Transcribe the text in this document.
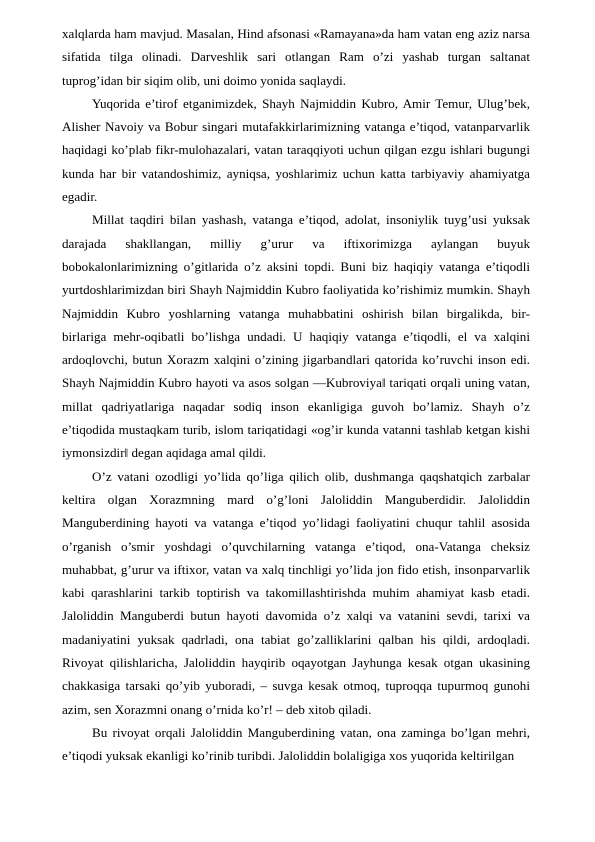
xalqlarda ham mavjud. Masalan, Hind afsonasi «Ramayana»da ham vatan eng aziz narsa sifatida tilga olinadi. Darveshlik sari otlangan Ram o’zi yashab turgan saltanat tuprog’idan bir siqim olib, uni doimo yonida saqlaydi.

Yuqorida e’tirof etganimizdek, Shayh Najmiddin Kubro, Amir Temur, Ulug’bek, Alisher Navoiy va Bobur singari mutafakkirlarimizning vatanga e’tiqod, vatanparvarlik haqidagi ko’plab fikr-mulohazalari, vatan taraqqiyoti uchun qilgan ezgu ishlari bugungi kunda har bir vatandoshimiz, ayniqsa, yoshlarimiz uchun katta tarbiyaviy ahamiyatga egadir.

Millat taqdiri bilan yashash, vatanga e’tiqod, adolat, insoniylik tuyg’usi yuksak darajada shakllangan, milliy g’urur va iftixorimizga aylangan buyuk bobokalonlarimizning o’gitlarida o’z aksini topdi. Buni biz haqiqiy vatanga e’tiqodli yurtdoshlarimizdan biri Shayh Najmiddin Kubro faoliyatida ko’rishimiz mumkin. Shayh Najmiddin Kubro yoshlarning vatanga muhabbatini oshirish bilan birgalikda, bir-birlariga mehr-oqibatli bo’lishga undadi. U haqiqiy vatanga e’tiqodli, el va xalqini ardoqlovchi, butun Xorazm xalqini o’zining jigarbandlari qatorida ko’ruvchi inson edi. Shayh Najmiddin Kubro hayoti va asos solgan ―Kubroviya‖ tariqati orqali uning vatan, millat qadriyatlariga naqadar sodiq inson ekanligiga guvoh bo’lamiz. Shayh o’z e’tiqodida mustaqkam turib, islom tariqatidagi «og’ir kunda vatanni tashlab ketgan kishi iymonsizdir‖ degan aqidaga amal qildi.

O’z vatani ozodligi yo’lida qo’liga qilich olib, dushmanga qaqshatqich zarbalar keltira olgan Xorazmning mard o’g’loni Jaloliddin Manguberdidir. Jaloliddin Manguberdining hayoti va vatanga e’tiqod yo’lidagi faoliyatini chuqur tahlil asosida o’rganish o’smir yoshdagi o’quvchilarning vatanga e’tiqod, ona-Vatanga cheksiz muhabbat, g’urur va iftixor, vatan va xalq tinchligi yo’lida jon fido etish, insonparvarlik kabi qarashlarini tarkib toptirish va takomillashtirishda muhim ahamiyat kasb etadi. Jaloliddin Manguberdi butun hayoti davomida o’z xalqi va vatanini sevdi, tarixi va madaniyatini yuksak qadrladi, ona tabiat go’zalliklarini qalban his qildi, ardoqladi. Rivoyat qilishlaricha, Jaloliddin hayqirib oqayotgan Jayhunga kesak otgan ukasining chakkasiga tarsaki qo’yib yuboradi, – suvga kesak otmoq, tuproqqa tupurmoq gunohi azim, sen Xorazmni onang o’rnida ko’r! – deb xitob qiladi.

Bu rivoyat orqali Jaloliddin Manguberdining vatan, ona zaminga bo’lgan mehri, e’tiqodi yuksak ekanligi ko’rinib turibdi. Jaloliddin bolaligiga xos yuqorida keltirilgan
